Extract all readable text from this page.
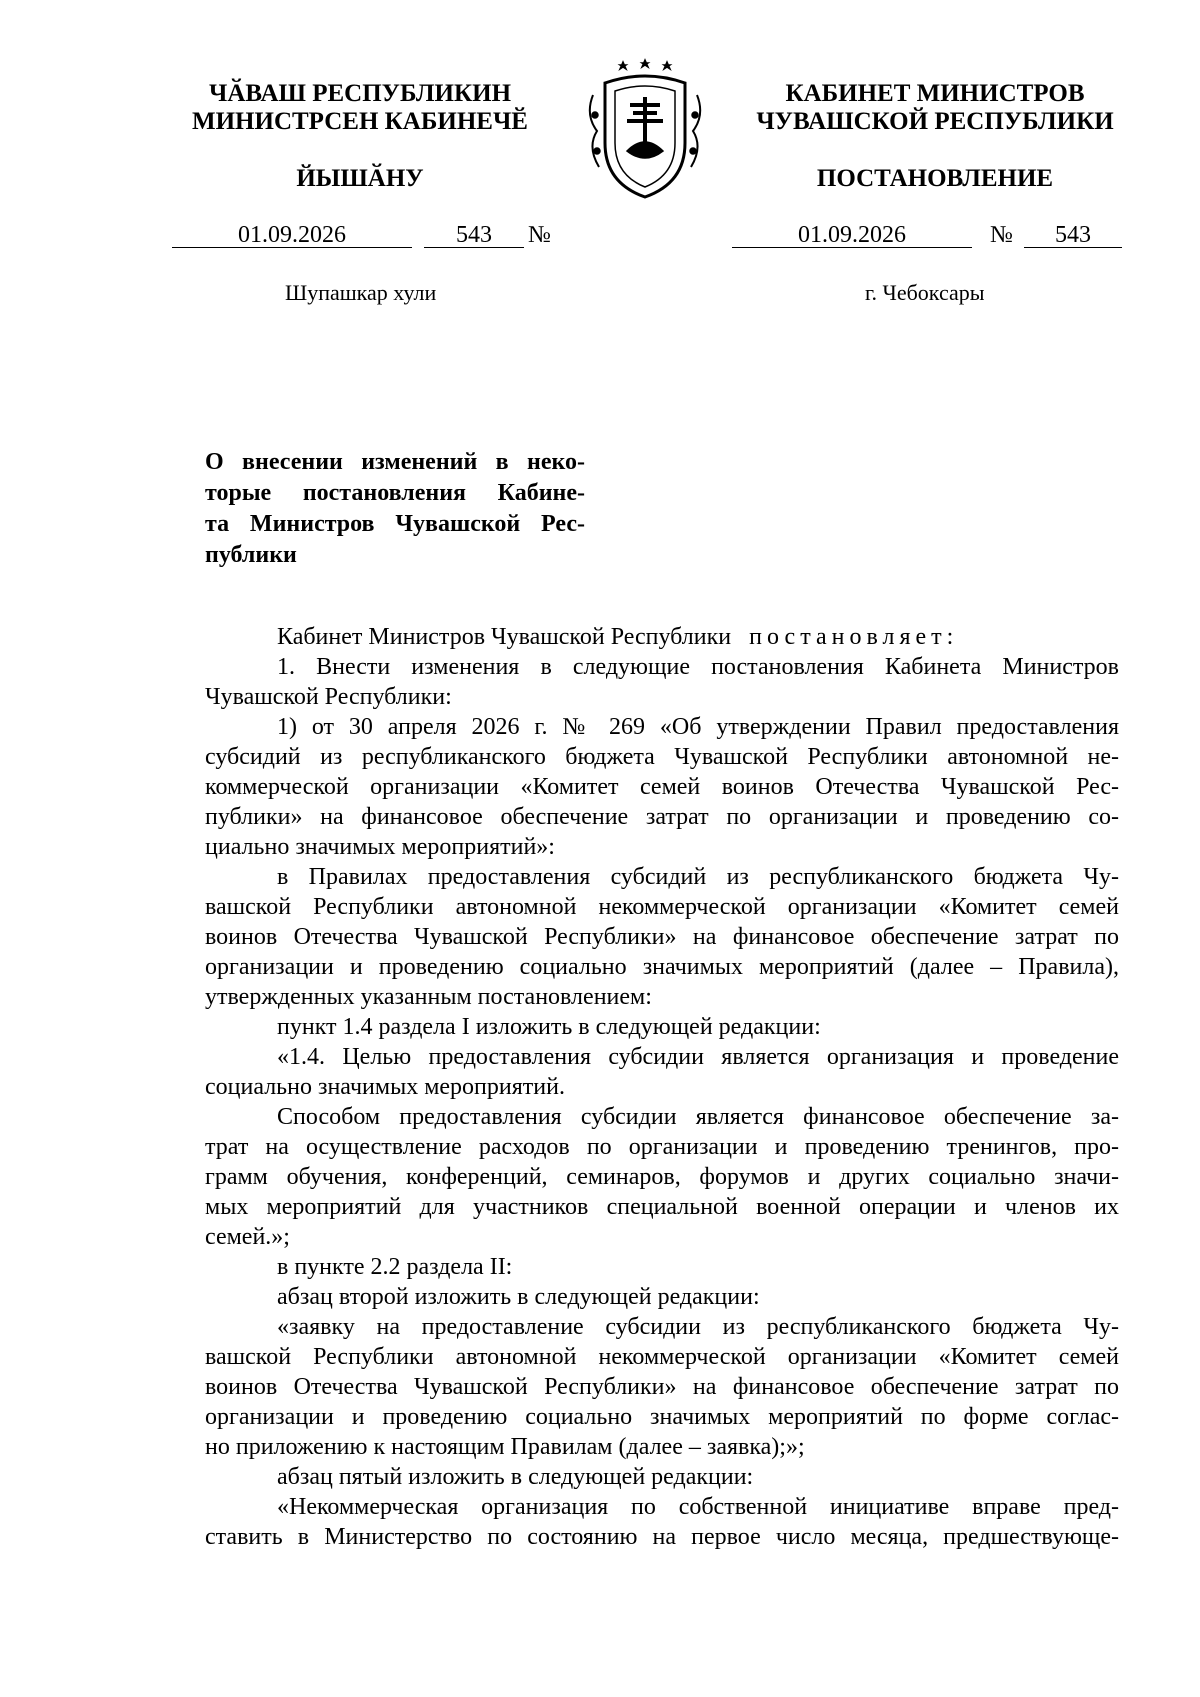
ЧӐВАШ РЕСПУБЛИКИН
МИНИСТРСЕН КАБИНЕЧӖ
КАБИНЕТ МИНИСТРОВ
ЧУВАШСКОЙ РЕСПУБЛИКИ
ЙЫШӐНУ	ПОСТАНОВЛЕНИЕ
01.09.2026	543	№	01.09.2026	№	543
Шупашкар хули	г. Чебоксары
О внесении изменений в неко-
торые постановления Кабине-
та Министров Чувашской Рес-
публики
Кабинет Министров Чувашской Республики постановляет:
1. Внести изменения в следующие постановления Кабинета Министров
Чувашской Республики:
1) от 30 апреля 2026 г. № 269 «Об утверждении Правил предоставления
субсидий из республиканского бюджета Чувашской Республики автономной не-
коммерческой организации «Комитет семей воинов Отечества Чувашской Рес-
публики» на финансовое обеспечение затрат по организации и проведению со-
циально значимых мероприятий»:
в Правилах предоставления субсидий из республиканского бюджета Чу-
вашской Республики автономной некоммерческой организации «Комитет семей
воинов Отечества Чувашской Республики» на финансовое обеспечение затрат по
организации и проведению социально значимых мероприятий (далее – Правила),
утвержденных указанным постановлением:
пункт 1.4 раздела I изложить в следующей редакции:
«1.4. Целью предоставления субсидии является организация и проведение
социально значимых мероприятий.
Способом предоставления субсидии является финансовое обеспечение за-
трат на осуществление расходов по организации и проведению тренингов, про-
грамм обучения, конференций, семинаров, форумов и других социально значи-
мых мероприятий для участников специальной военной операции и членов их
семей.»;
в пункте 2.2 раздела II:
абзац второй изложить в следующей редакции:
«заявку на предоставление субсидии из республиканского бюджета Чу-
вашской Республики автономной некоммерческой организации «Комитет семей
воинов Отечества Чувашской Республики» на финансовое обеспечение затрат по
организации и проведению социально значимых мероприятий по форме соглас-
но приложению к настоящим Правилам (далее – заявка);»;
абзац пятый изложить в следующей редакции:
«Некоммерческая организация по собственной инициативе вправе пред-
ставить в Министерство по состоянию на первое число месяца, предшествующе-
